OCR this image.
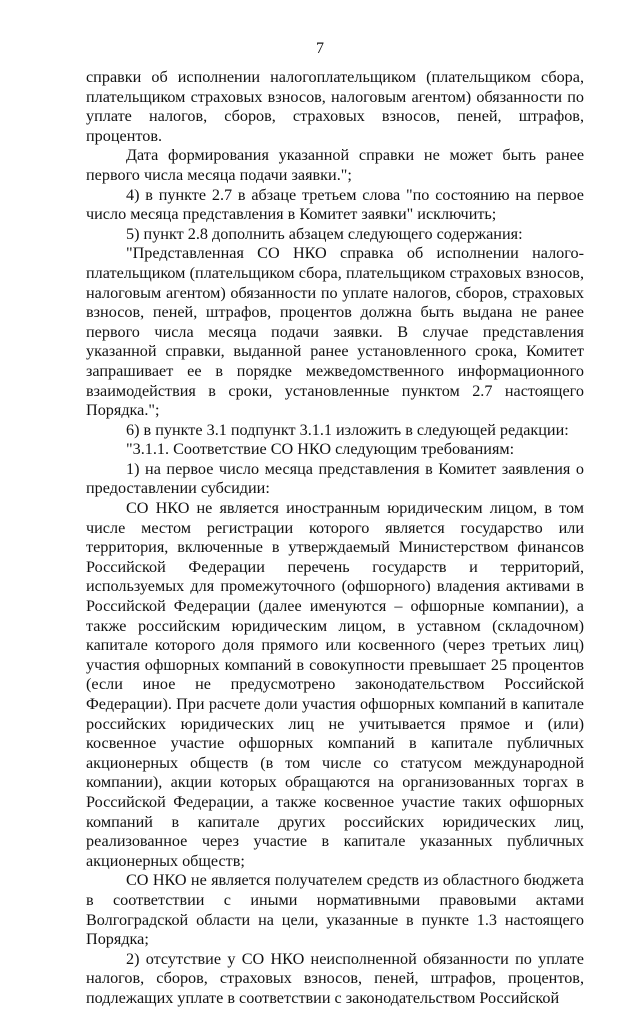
7

справки об исполнении налогоплательщиком (плательщиком сбора, плательщиком страховых взносов, налоговым агентом) обязанности по уплате налогов, сборов, страховых взносов, пеней, штрафов, процентов.

Дата формирования указанной справки не может быть ранее первого числа месяца подачи заявки.";

4) в пункте 2.7 в абзаце третьем слова "по состоянию на первое число месяца представления в Комитет заявки" исключить;

5) пункт 2.8 дополнить абзацем следующего содержания:

"Представленная СО НКО справка об исполнении налогоплательщиком (плательщиком сбора, плательщиком страховых взносов, налоговым агентом) обязанности по уплате налогов, сборов, страховых взносов, пеней, штрафов, процентов должна быть выдана не ранее первого числа месяца подачи заявки. В случае представления указанной справки, выданной ранее установленного срока, Комитет запрашивает ее в порядке межведомственного информационного взаимодействия в сроки, установленные пунктом 2.7 настоящего Порядка.";

6) в пункте 3.1 подпункт 3.1.1 изложить в следующей редакции:

"3.1.1. Соответствие СО НКО следующим требованиям:

1) на первое число месяца представления в Комитет заявления о предоставлении субсидии:

СО НКО не является иностранным юридическим лицом, в том числе местом регистрации которого является государство или территория, включенные в утверждаемый Министерством финансов Российской Федерации перечень государств и территорий, используемых для промежуточного (офшорного) владения активами в Российской Федерации (далее именуются – офшорные компании), а также российским юридическим лицом, в уставном (складочном) капитале которого доля прямого или косвенного (через третьих лиц) участия офшорных компаний в совокупности превышает 25 процентов (если иное не предусмотрено законодательством Российской Федерации). При расчете доли участия офшорных компаний в капитале российских юридических лиц не учитывается прямое и (или) косвенное участие офшорных компаний в капитале публичных акционерных обществ (в том числе со статусом международной компании), акции которых обращаются на организованных торгах в Российской Федерации, а также косвенное участие таких офшорных компаний в капитале других российских юридических лиц, реализованное через участие в капитале указанных публичных акционерных обществ;

СО НКО не является получателем средств из областного бюджета в соответствии с иными нормативными правовыми актами Волгоградской области на цели, указанные в пункте 1.3 настоящего Порядка;

2) отсутствие у СО НКО неисполненной обязанности по уплате налогов, сборов, страховых взносов, пеней, штрафов, процентов, подлежащих уплате в соответствии с законодательством Российской
